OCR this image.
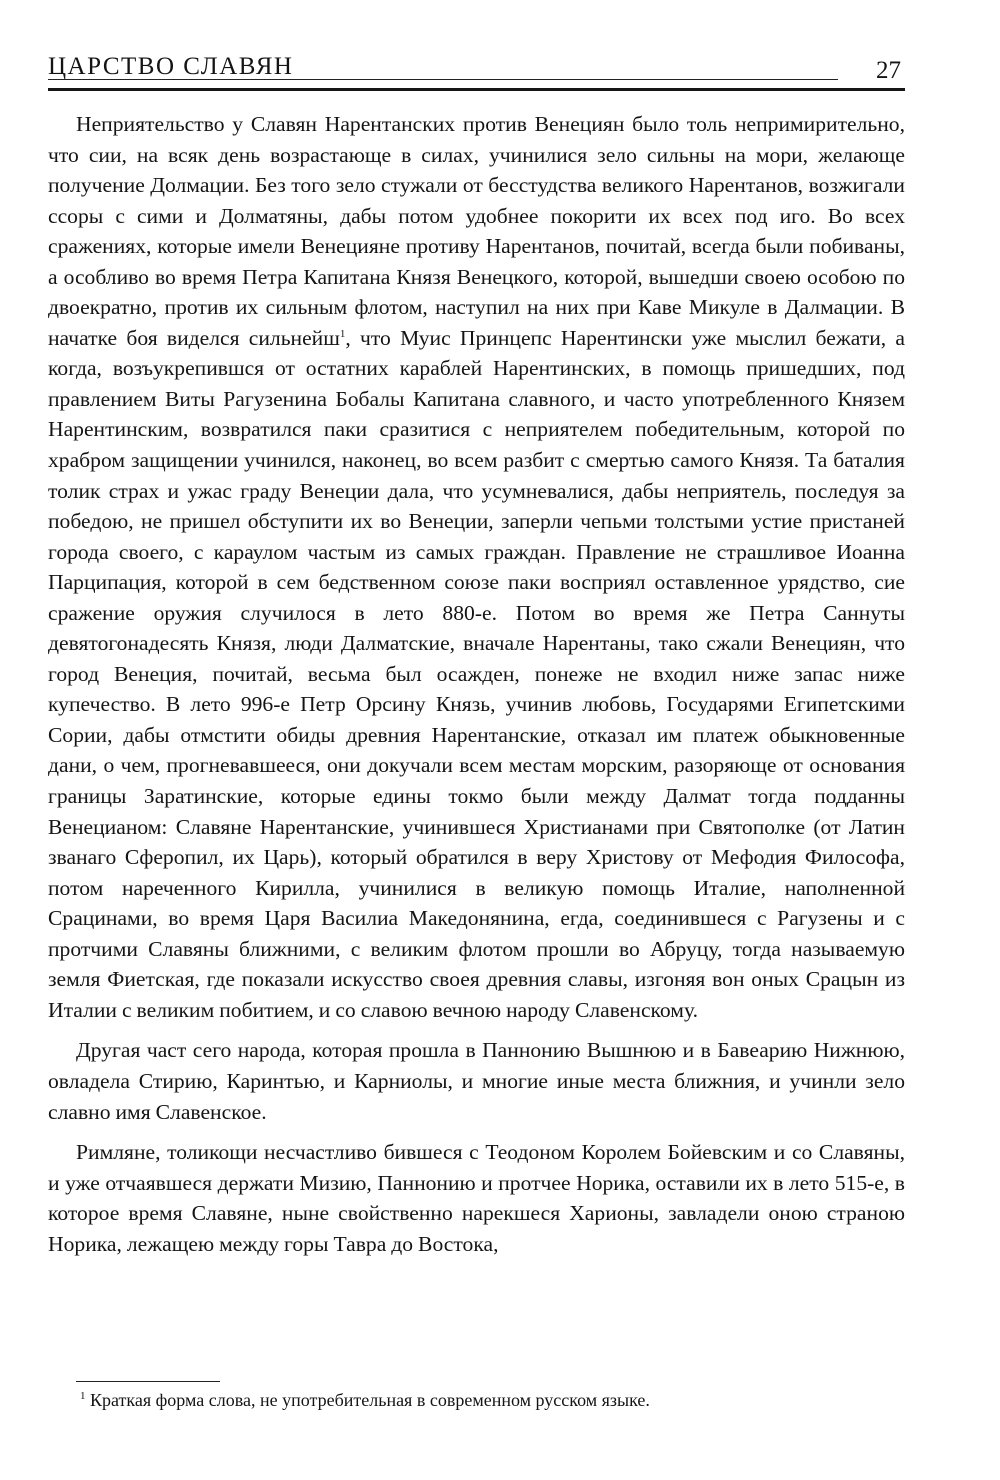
ЦАРСТВО СЛАВЯН	27

Неприятельство у Славян Нарентанских против Венециян было толь непримирительно, что сии, на всяк день возрастающе в силах, учинилися зело сильны на мори, желающе получение Долмации. Без того зело стужали от бесстудства великого Нарентанов, возжигали ссоры с сими и Долматяны, дабы потом удобнее покорити их всех под иго. Во всех сражениях, которые имели Венецияне противу Нарентанов, почитай, всегда были побиваны, а особливо во время Петра Капитана Князя Венецкого, которой, вышедши своею особою по двоекратно, против их сильным флотом, наступил на них при Каве Микуле в Далмации. В начатке боя виделся сильнейш$^1$, что Муис Принцепс Нарентински уже мыслил бежати, а когда, возъукрепившся от остатних караблей Нарентинских, в помощь пришедших, под правлением Виты Рагузенина Бобалы Капитана славного, и часто употребленного Князем Нарентинским, возвратился паки сразитися с неприятелем победительным, которой по храбром защищении учинился, наконец, во всем разбит с смертью самого Князя. Та баталия толик страх и ужас граду Венеции дала, что усумневалися, дабы неприятель, последуя за победою, не пришел обступити их во Венеции, заперли чепьми толстыми устие пристаней города своего, с караулом частым из самых граждан. Правление не страшливое Иоанна Парципация, которой в сем бедственном союзе паки восприял оставленное урядство, сие сражение оружия случилося в лето 880-е. Потом во время же Петра Саннуты девятогонадесять Князя, люди Далматские, вначале Нарентаны, тако сжали Венециян, что город Венеция, почитай, весьма был осажден, понеже не входил ниже запас ниже купечество. В лето 996-е Петр Орсину Князь, учинив любовь, Государями Египетскими Сории, дабы отмстити обиды древния Нарентанские, отказал им платеж обыкновенные дани, о чем, прогневавшееся, они докучали всем местам морским, разоряюще от основания границы Заратинские, которые едины токмо были между Далмат тогда подданны Венецианом: Славяне Нарентанские, учинившеся Христианами при Святополке (от Латин званаго Сферопил, их Царь), который обратился в веру Христову от Мефодия Философа, потом нареченного Кирилла, учинилися в великую помощь Италие, наполненной Срацинами, во время Царя Василиа Македонянина, егда, соединившеся с Рагузены и с протчими Славяны ближними, с великим флотом прошли во Абруцу, тогда называемую земля Фиетская, где показали искусство своея древния славы, изгоняя вон оных Срацын из Италии с великим побитием, и со славою вечною народу Славенскому.

Другая част сего народа, которая прошла в Паннонию Вышнюю и в Бавеарию Нижнюю, овладела Стирию, Каринтью, и Карниолы, и многие иные места ближния, и учинли зело славно имя Славенское.

Римляне, толикощи несчастливо бившеся с Теодоном Королем Бойевским и со Славяны, и уже отчаявшеся держати Мизию, Паннонию и протчее Норика, оставили их в лето 515-е, в которое время Славяне, ныне свойственно нарекшеся Харионы, завладели оною страною Норика, лежащею между горы Тавра до Востока,

$^1$ Краткая форма слова, не употребительная в современном русском языке.
